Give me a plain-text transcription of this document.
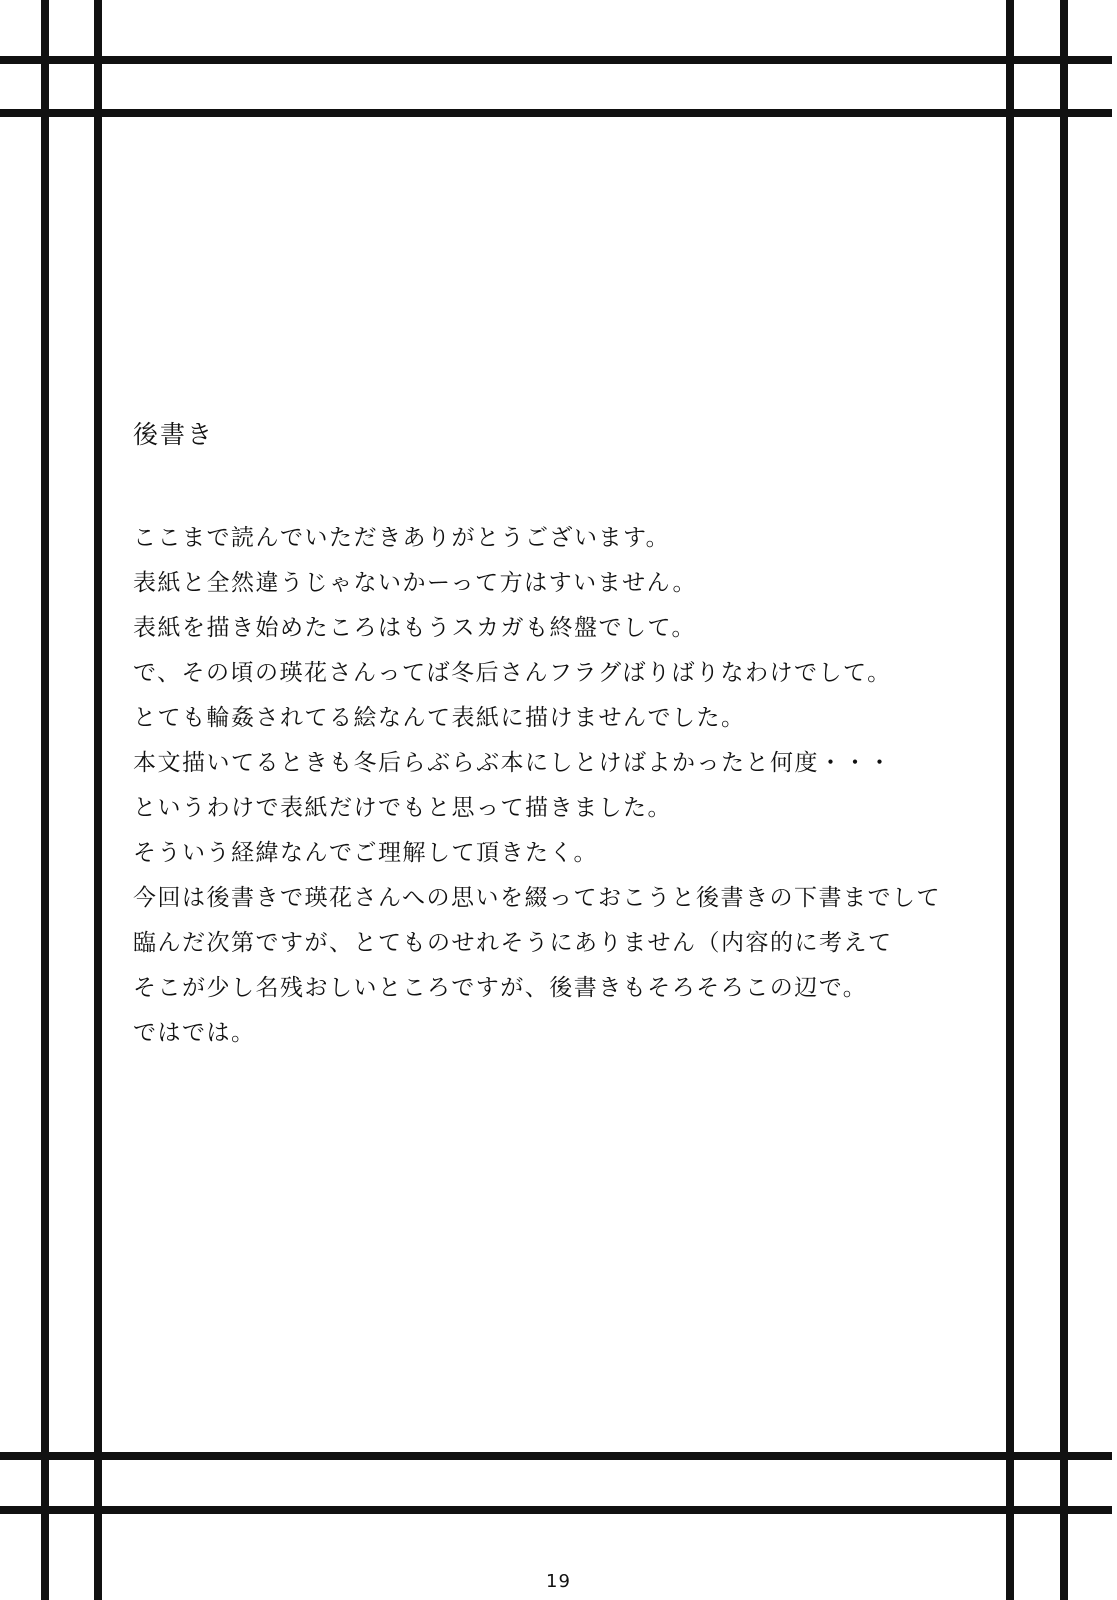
後書き
ここまで読んでいただきありがとうございます。
表紙と全然違うじゃないかーって方はすいません。
表紙を描き始めたころはもうスカガも終盤でして。
で、その頃の瑛花さんってば冬后さんフラグばりばりなわけでして。
とても輪姦されてる絵なんて表紙に描けませんでした。
本文描いてるときも冬后らぶらぶ本にしとけばよかったと何度・・・
というわけで表紙だけでもと思って描きました。
そういう経緯なんでご理解して頂きたく。
今回は後書きで瑛花さんへの思いを綴っておこうと後書きの下書までして
臨んだ次第ですが、とてものせれそうにありません（内容的に考えて
そこが少し名残おしいところですが、後書きもそろそろこの辺で。
ではでは。
19
